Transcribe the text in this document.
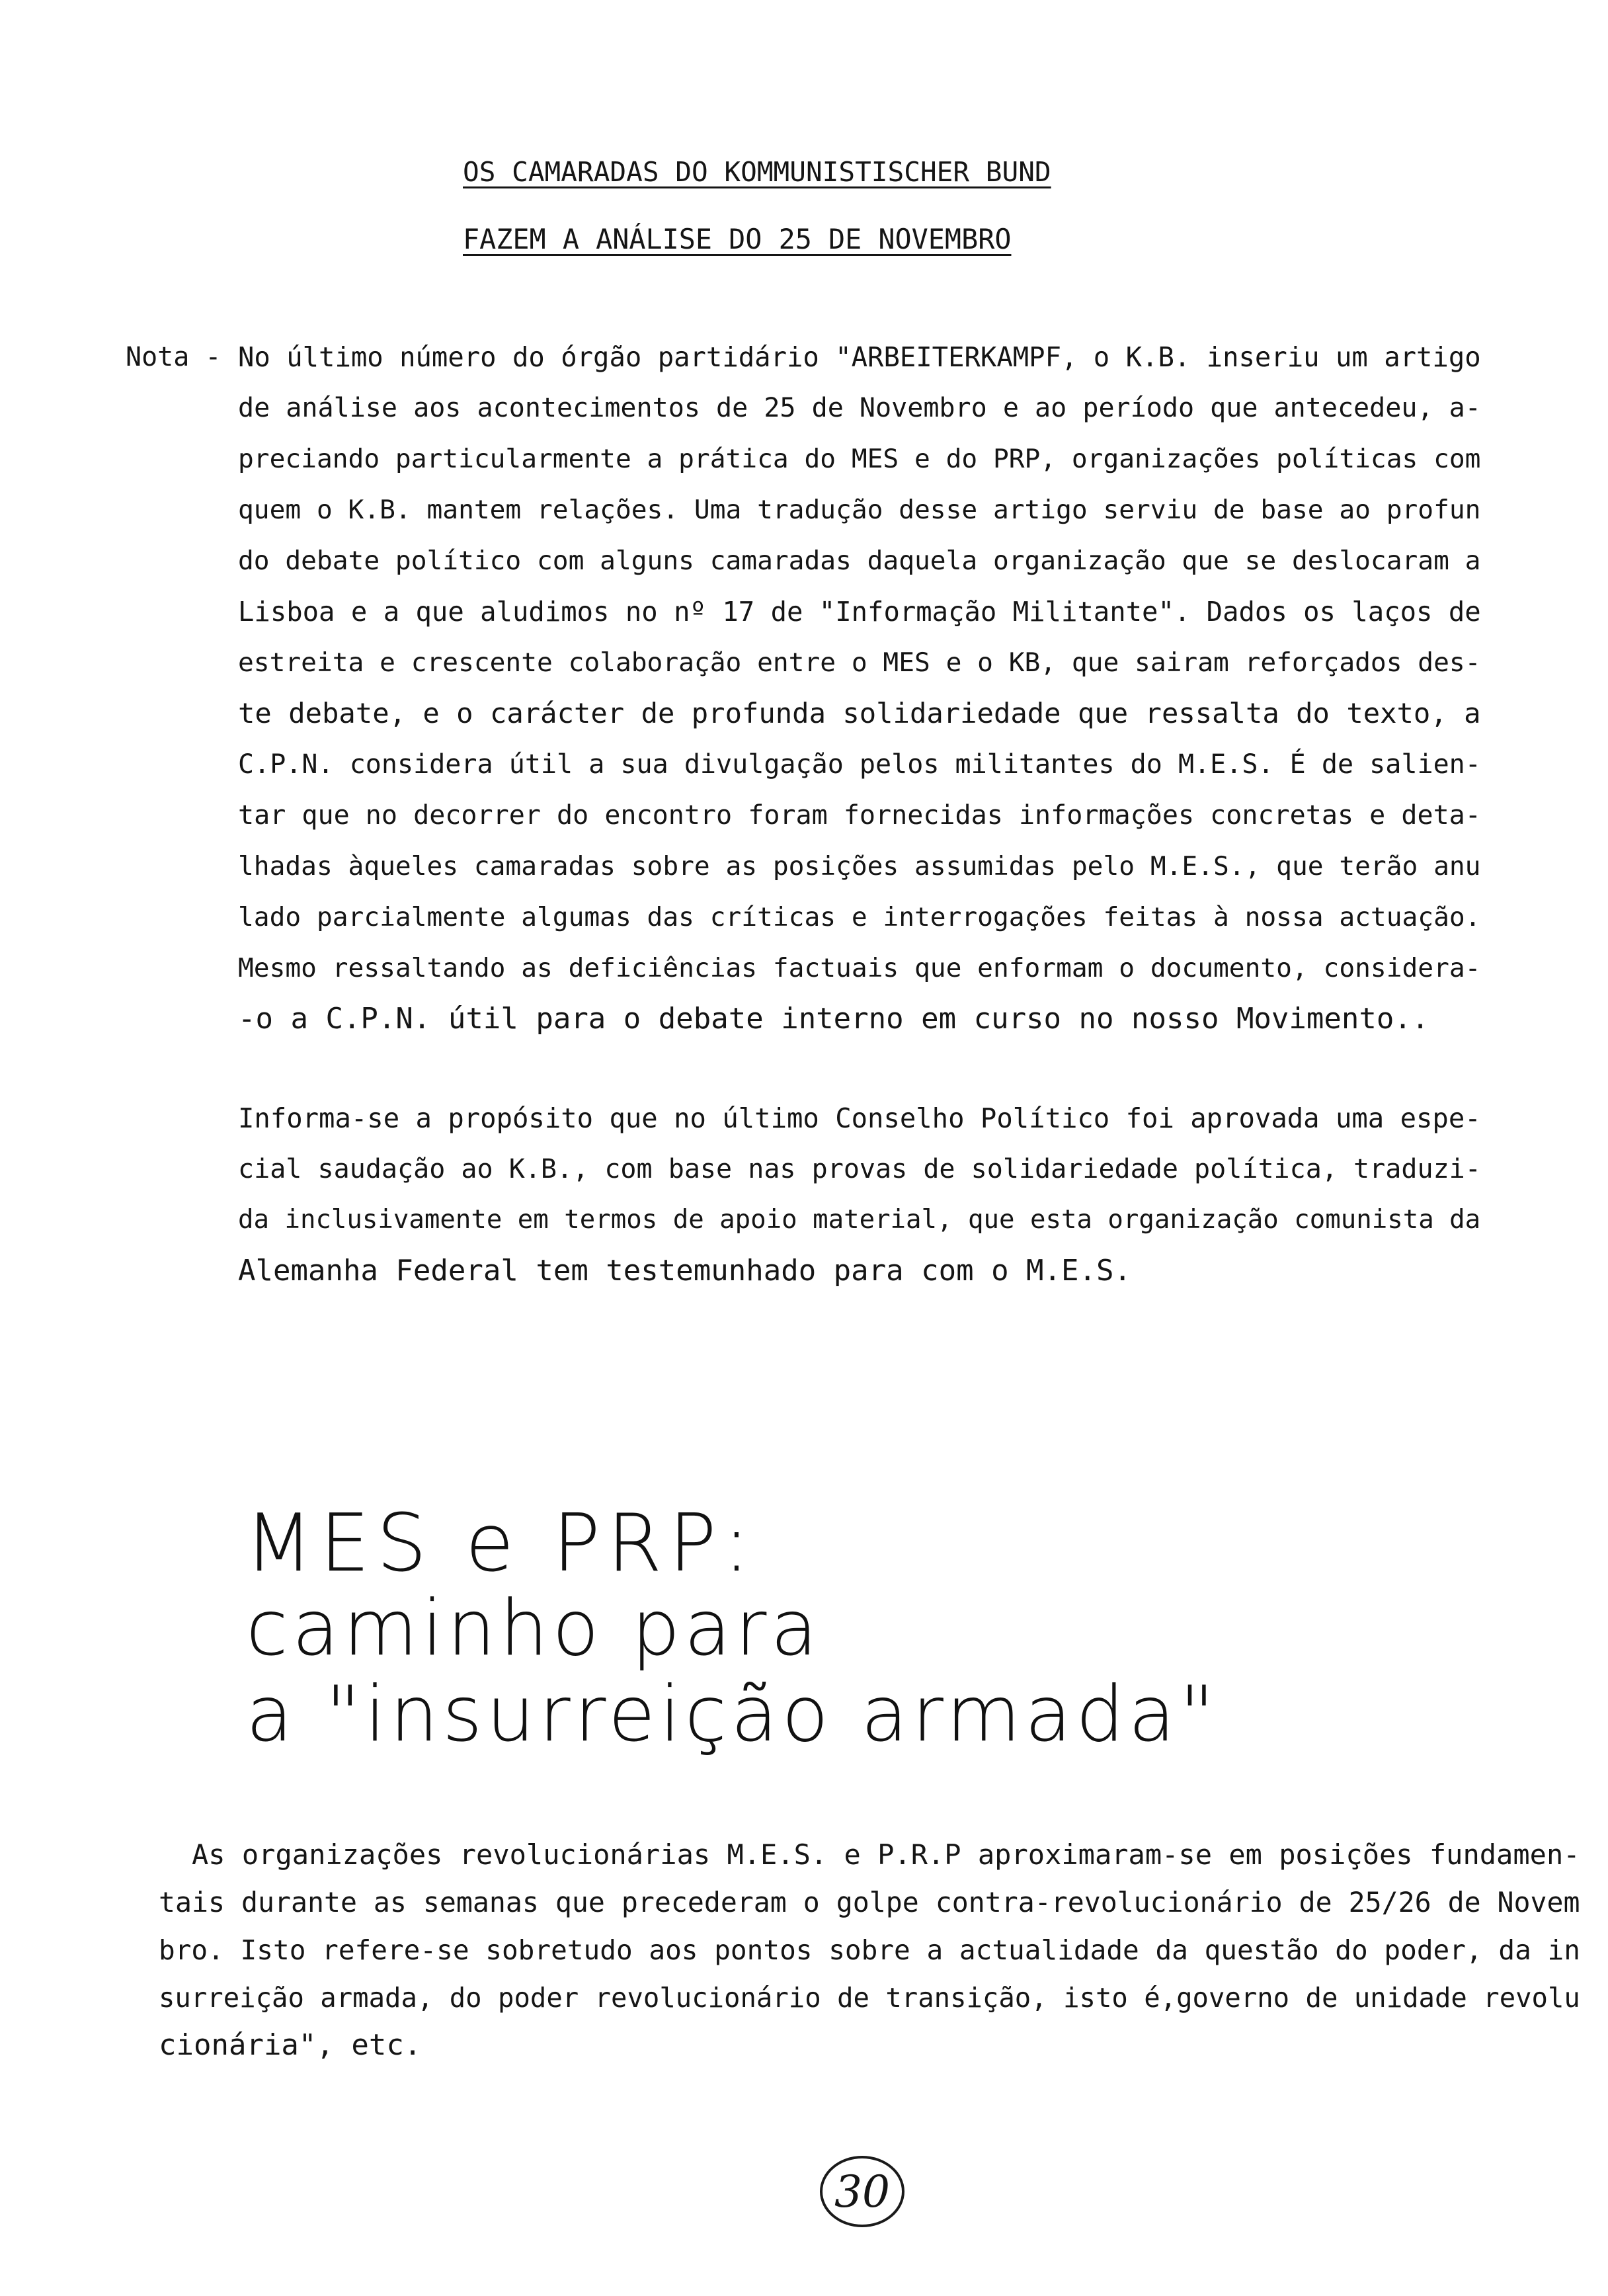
OS CAMARADAS DO KOMMUNISTISCHER BUND
FAZEM A ANÁLISE DO 25 DE NOVEMBRO
Nota - No último número do órgão partidário "ARBEITERKAMPF, o K.B. inseriu um artigo
de análise aos acontecimentos de 25 de Novembro e ao período que antecedeu, a-
preciando particularmente a prática do MES e do PRP, organizações políticas com
quem o K.B. mantem relações. Uma tradução desse artigo serviu de base ao profun
do debate político com alguns camaradas daquela organização que se deslocaram a
Lisboa e a que aludimos no nº 17 de "Informação Militante". Dados os laços de
estreita e crescente colaboração entre o MES e o KB, que sairam reforçados des-
te debate, e o carácter de profunda solidariedade que ressalta do texto, a
C.P.N. considera útil a sua divulgação pelos militantes do M.E.S. É de salien-
tar que no decorrer do encontro foram fornecidas informações concretas e deta-
lhadas àqueles camaradas sobre as posições assumidas pelo M.E.S., que terão anu
lado parcialmente algumas das críticas e interrogações feitas à nossa actuação.
Mesmo ressaltando as deficiências factuais que enformam o documento, considera-
-o a C.P.N. útil para o debate interno em curso no nosso Movimento..
Informa-se a propósito que no último Conselho Político foi aprovada uma espe-
cial saudação ao K.B., com base nas provas de solidariedade política, traduzi-
da inclusivamente em termos de apoio material, que esta organização comunista da
Alemanha Federal tem testemunhado para com o M.E.S.
MES e PRP:
caminho para
a "insurreição armada"
As organizações revolucionárias M.E.S. e P.R.P aproximaram-se em posições fundamen-
tais durante as semanas que precederam o golpe contra-revolucionário de 25/26 de Novem
bro. Isto refere-se sobretudo aos pontos sobre a actualidade da questão do poder, da in
surreição armada, do poder revolucionário de transição, isto é,governo de unidade revolu
cionária", etc.
30
